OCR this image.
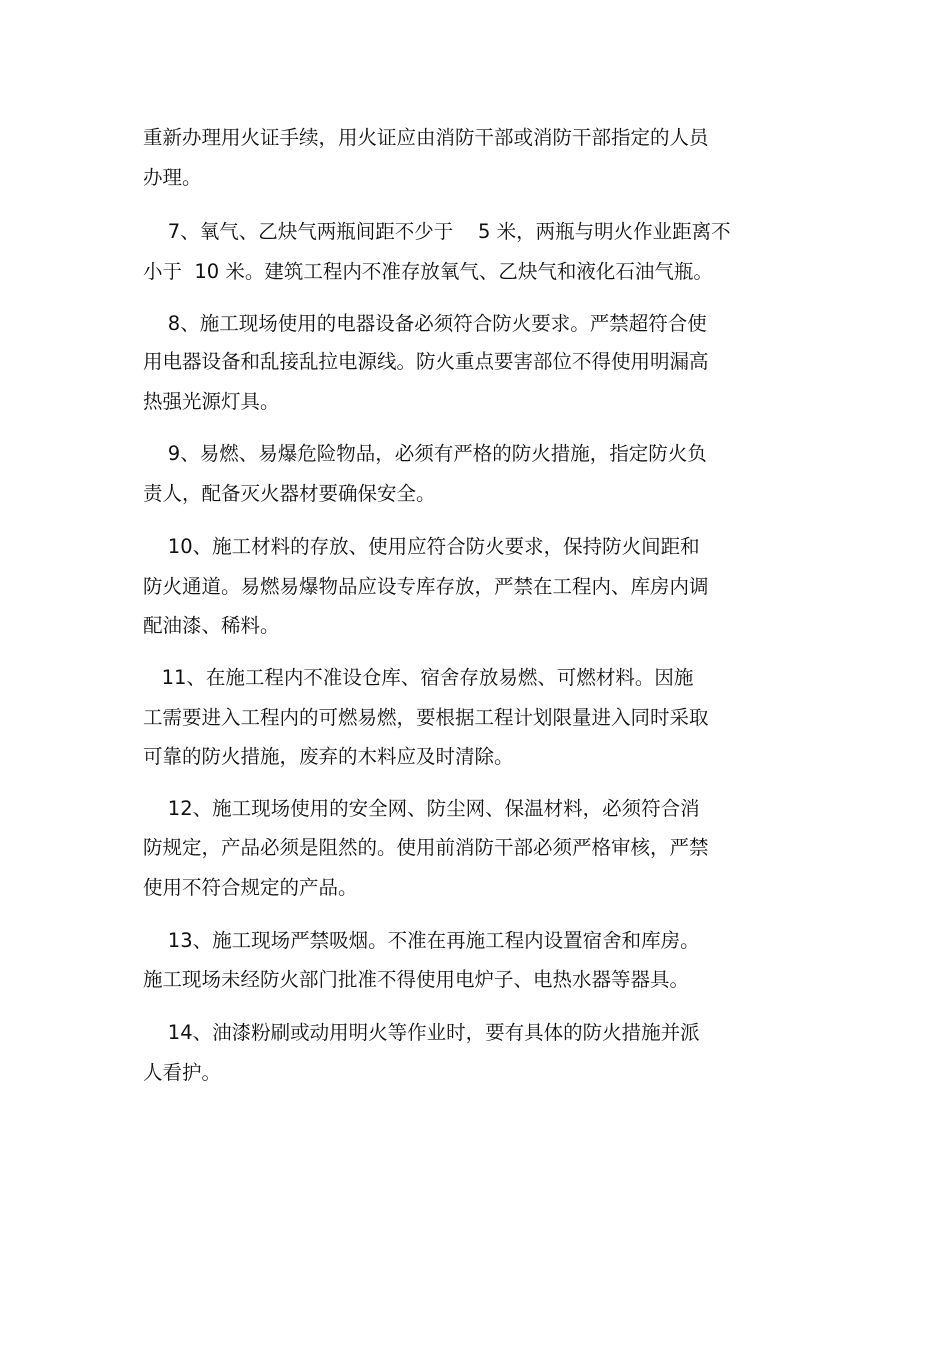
重新办理用火证手续，用火证应由消防干部或消防干部指定的人员
办理。
7、氧气、乙炔气两瓶间距不少于    5 米，两瓶与明火作业距离不
小于  10 米。建筑工程内不准存放氧气、乙炔气和液化石油气瓶。
8、施工现场使用的电器设备必须符合防火要求。严禁超符合使
用电器设备和乱接乱拉电源线。防火重点要害部位不得使用明漏高
热强光源灯具。
9、易燃、易爆危险物品，必须有严格的防火措施，指定防火负
责人，配备灭火器材要确保安全。
10、施工材料的存放、使用应符合防火要求，保持防火间距和
防火通道。易燃易爆物品应设专库存放，严禁在工程内、库房内调
配油漆、稀料。
11、在施工程内不准设仓库、宿舍存放易燃、可燃材料。因施
工需要进入工程内的可燃易燃，要根据工程计划限量进入同时采取
可靠的防火措施，废弃的木料应及时清除。
12、施工现场使用的安全网、防尘网、保温材料，必须符合消
防规定，产品必须是阻然的。使用前消防干部必须严格审核，严禁
使用不符合规定的产品。
13、施工现场严禁吸烟。不准在再施工程内设置宿舍和库房。
施工现场未经防火部门批准不得使用电炉子、电热水器等器具。
14、油漆粉刷或动用明火等作业时，要有具体的防火措施并派
人看护。
